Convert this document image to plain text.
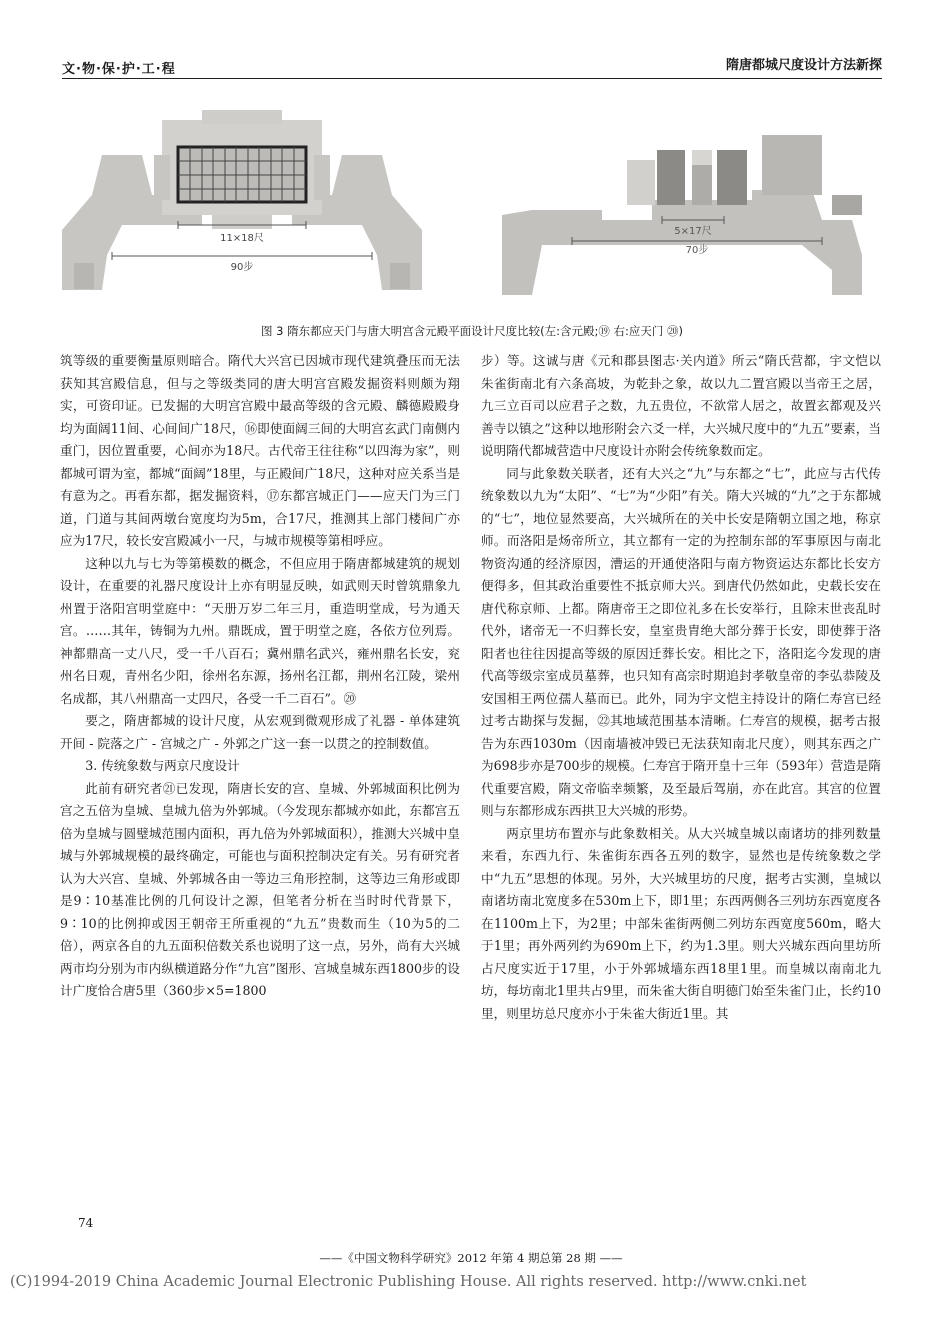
文·物·保·护·工·程	隋唐都城尺度设计方法新探
11×18尺
90步
5×17尺
70步
图 3 隋东都应天门与唐大明宫含元殿平面设计尺度比较(左:含元殿;⑲ 右:应天门 ⑳)

筑等级的重要衡量原则暗合。隋代大兴宫已因城市现代建筑叠压而无法获知其宫殿信息，但与之等级类同的唐大明宫宫殿发掘资料则颇为翔实，可资印证。已发掘的大明宫宫殿中最高等级的含元殿、麟德殿殿身均为面阔11间、心间间广18尺，⑯即使面阔三间的大明宫玄武门南侧内重门，因位置重要，心间亦为18尺。古代帝王往往称“以四海为家”，则都城可谓为室，都城“面阔”18里，与正殿间广18尺，这种对应关系当是有意为之。再看东都，据发掘资料，⑰东都宫城正门——应天门为三门道，门道与其间两墩台宽度均为5m，合17尺，推测其上部门楼间广亦应为17尺，较长安宫殿减小一尺，与城市规模等第相呼应。

这种以九与七为等第模数的概念，不但应用于隋唐都城建筑的规划设计，在重要的礼器尺度设计上亦有明显反映，如武则天时曾筑鼎象九州置于洛阳宫明堂庭中：“天册万岁二年三月，重造明堂成，号为通天宫。……其年，铸铜为九州。鼎既成，置于明堂之庭，各依方位列焉。神都鼎高一丈八尺，受一千八百石；冀州鼎名武兴，雍州鼎名长安，兖州名日观，青州名少阳，徐州名东源，扬州名江都，荆州名江陵，梁州名成都，其八州鼎高一丈四尺，各受一千二百石”。⑳

要之，隋唐都城的设计尺度，从宏观到微观形成了礼器 - 单体建筑开间 - 院落之广 - 宫城之广 - 外郭之广这一套一以贯之的控制数值。

3. 传统象数与两京尺度设计

此前有研究者㉑已发现，隋唐长安的宫、皇城、外郭城面积比例为宫之五倍为皇城、皇城九倍为外郭城。（今发现东都城亦如此，东都宫五倍为皇城与圆璧城范围内面积，再九倍为外郭城面积），推测大兴城中皇城与外郭城规模的最终确定，可能也与面积控制决定有关。另有研究者认为大兴宫、皇城、外郭城各由一等边三角形控制，这等边三角形或即是9∶10基准比例的几何设计之源，但笔者分析在当时时代背景下，9∶10的比例抑或因王朝帝王所重视的“九五”贵数而生（10为5的二倍），两京各自的九五面积倍数关系也说明了这一点，另外，尚有大兴城两市均分别为市内纵横道路分作“九宫”图形、宫城皇城东西1800步的设计广度恰合唐5里（360步×5=1800

步）等。这诚与唐《元和郡县图志·关内道》所云“隋氏营都，宇文恺以朱雀街南北有六条高坡，为乾卦之象，故以九二置宫殿以当帝王之居，九三立百司以应君子之数，九五贵位，不欲常人居之，故置玄都观及兴善寺以镇之”这种以地形附会六爻一样，大兴城尺度中的“九五”要素，当说明隋代都城营造中尺度设计亦附会传统象数而定。

同与此象数关联者，还有大兴之“九”与东都之“七”，此应与古代传统象数以九为“太阳”、“七”为“少阳”有关。隋大兴城的“九”之于东都城的“七”，地位显然要高，大兴城所在的关中长安是隋朝立国之地，称京师。而洛阳是炀帝所立，其立都有一定的为控制东部的军事原因与南北物资沟通的经济原因，漕运的开通使洛阳与南方物资运达东都比长安方便得多，但其政治重要性不抵京师大兴。到唐代仍然如此，史载长安在唐代称京师、上都。隋唐帝王之即位礼多在长安举行，且除末世丧乱时代外，诸帝无一不归葬长安，皇室贵胄绝大部分葬于长安，即使葬于洛阳者也往往因提高等级的原因迁葬长安。相比之下，洛阳迄今发现的唐代高等级宗室成员墓葬，也只知有高宗时期追封孝敬皇帝的李弘恭陵及安国相王两位孺人墓而已。此外，同为宇文恺主持设计的隋仁寿宫已经过考古勘探与发掘，㉒其地域范围基本清晰。仁寿宫的规模，据考古报告为东西1030m（因南墙被冲毁已无法获知南北尺度），则其东西之广为698步亦是700步的规模。仁寿宫于隋开皇十三年（593年）营造是隋代重要宫殿，隋文帝临幸频繁，及至最后驾崩，亦在此宫。其宫的位置则与东都形成东西拱卫大兴城的形势。

两京里坊布置亦与此象数相关。从大兴城皇城以南诸坊的排列数量来看，东西九行、朱雀街东西各五列的数字，显然也是传统象数之学中“九五”思想的体现。另外，大兴城里坊的尺度，据考古实测，皇城以南诸坊南北宽度多在530m上下，即1里；东西两侧各三列坊东西宽度各在1100m上下，为2里；中部朱雀街两侧二列坊东西宽度560m，略大于1里；再外两列约为690m上下，约为1.3里。则大兴城东西向里坊所占尺度实近于17里，小于外郭城墙东西18里1里。而皇城以南南北九坊，每坊南北1里共占9里，而朱雀大街自明德门始至朱雀门止，长约10里，则里坊总尺度亦小于朱雀大街近1里。其

74
——《中国文物科学研究》2012 年第 4 期总第 28 期 ——
(C)1994-2019 China Academic Journal Electronic Publishing House. All rights reserved. http://www.cnki.net
